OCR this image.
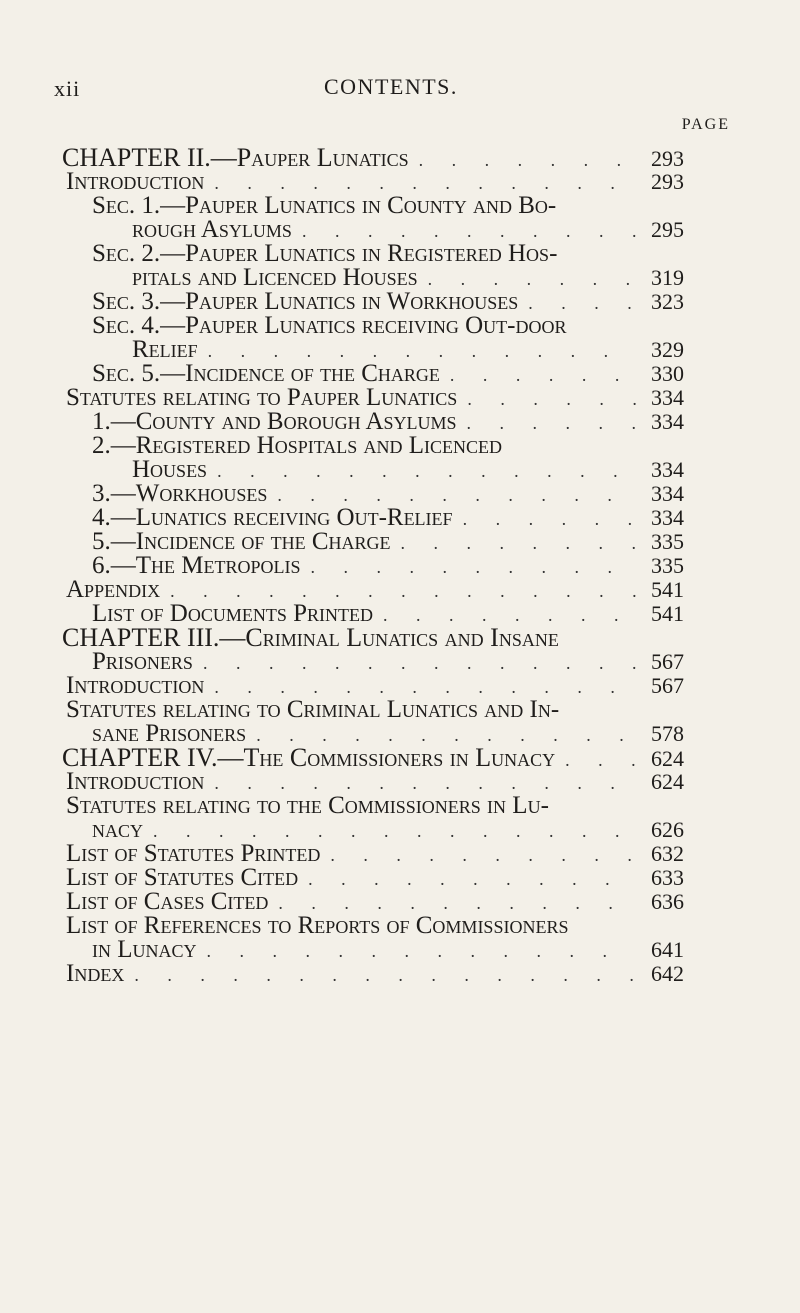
xii	CONTENTS.
PAGE
CHAPTER II.—Pauper Lunatics . . .	293
Introduction . . .	293
Sec. 1.—Pauper Lunatics in County and Bo-
rough Asylums . . .	295
Sec. 2.—Pauper Lunatics in Registered Hos-
pitals and Licenced Houses . . .	319
Sec. 3.—Pauper Lunatics in Workhouses . . .	323
Sec. 4.—Pauper Lunatics receiving Out-door
Relief . . .	329
Sec. 5.—Incidence of the Charge . . .	330
Statutes relating to Pauper Lunatics . . .	334
1.—County and Borough Asylums . . .	334
2.—Registered Hospitals and Licenced
Houses . . .	334
3.—Workhouses . . .	334
4.—Lunatics receiving Out-Relief . . .	334
5.—Incidence of the Charge . . .	335
6.—The Metropolis . . .	335
Appendix . . .	541
List of Documents Printed . . .	541
CHAPTER III.—Criminal Lunatics and Insane
Prisoners . . .	567
Introduction . . .	567
Statutes relating to Criminal Lunatics and In-
sane Prisoners . . .	578
CHAPTER IV.—The Commissioners in Lunacy . . .	624
Introduction . . .	624
Statutes relating to the Commissioners in Lu-
nacy . . .	626
List of Statutes Printed . . .	632
List of Statutes Cited . . .	633
List of Cases Cited . . .	636
List of References to Reports of Commissioners
in Lunacy . . .	641
Index . . .	642
